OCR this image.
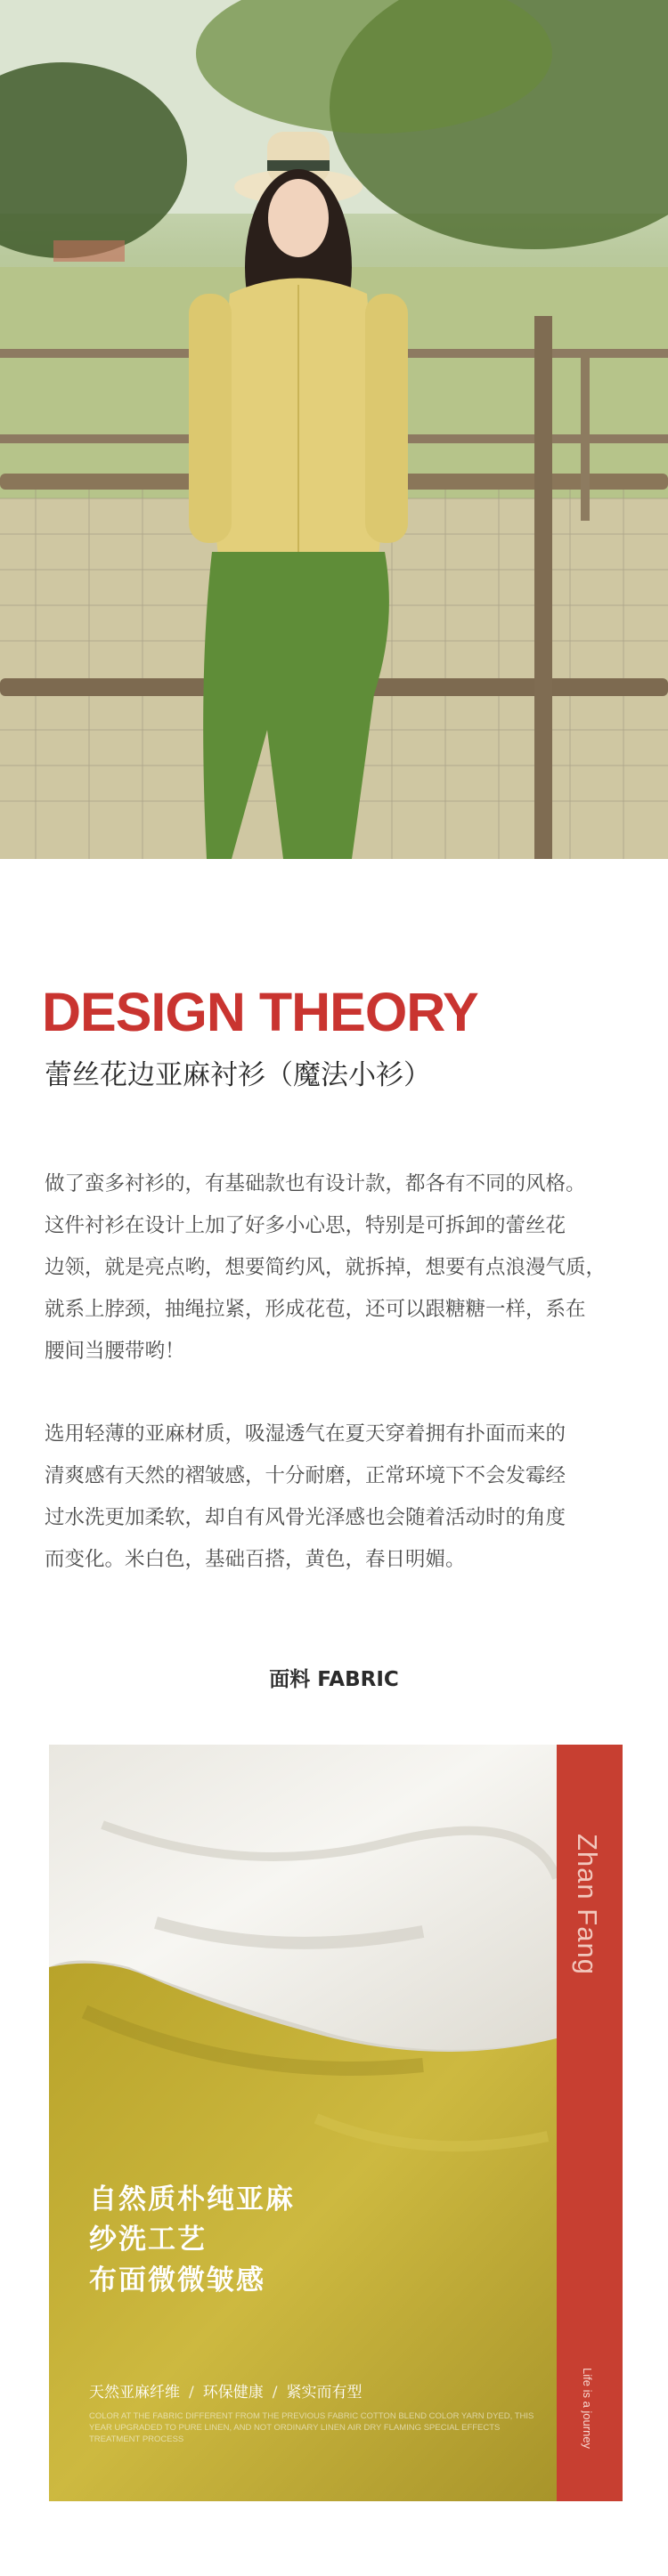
DESIGN THEORY
蕾丝花边亚麻衬衫（魔法小衫）
做了蛮多衬衫的，有基础款也有设计款，都各有不同的风格。
这件衬衫在设计上加了好多小心思，特别是可拆卸的蕾丝花
边领，就是亮点哟，想要简约风，就拆掉，想要有点浪漫气质，
就系上脖颈，抽绳拉紧，形成花苞，还可以跟糖糖一样，系在
腰间当腰带哟！
选用轻薄的亚麻材质，吸湿透气在夏天穿着拥有扑面而来的
清爽感有天然的褶皱感，十分耐磨，正常环境下不会发霉经
过水洗更加柔软，却自有风骨光泽感也会随着活动时的角度
而变化。米白色，基础百搭，黄色，春日明媚。
面料 FABRIC
Zhan Fang
Life is a journey
自然质朴纯亚麻
纱洗工艺
布面微微皱感
天然亚麻纤维 / 环保健康 / 紧实而有型
COLOR AT THE FABRIC DIFFERENT FROM THE PREVIOUS FABRIC COTTON BLEND COLOR YARN DYED, THIS YEAR UPGRADED TO PURE LINEN, AND NOT ORDINARY LINEN AIR DRY FLAMING SPECIAL EFFECTS TREATMENT PROCESS
